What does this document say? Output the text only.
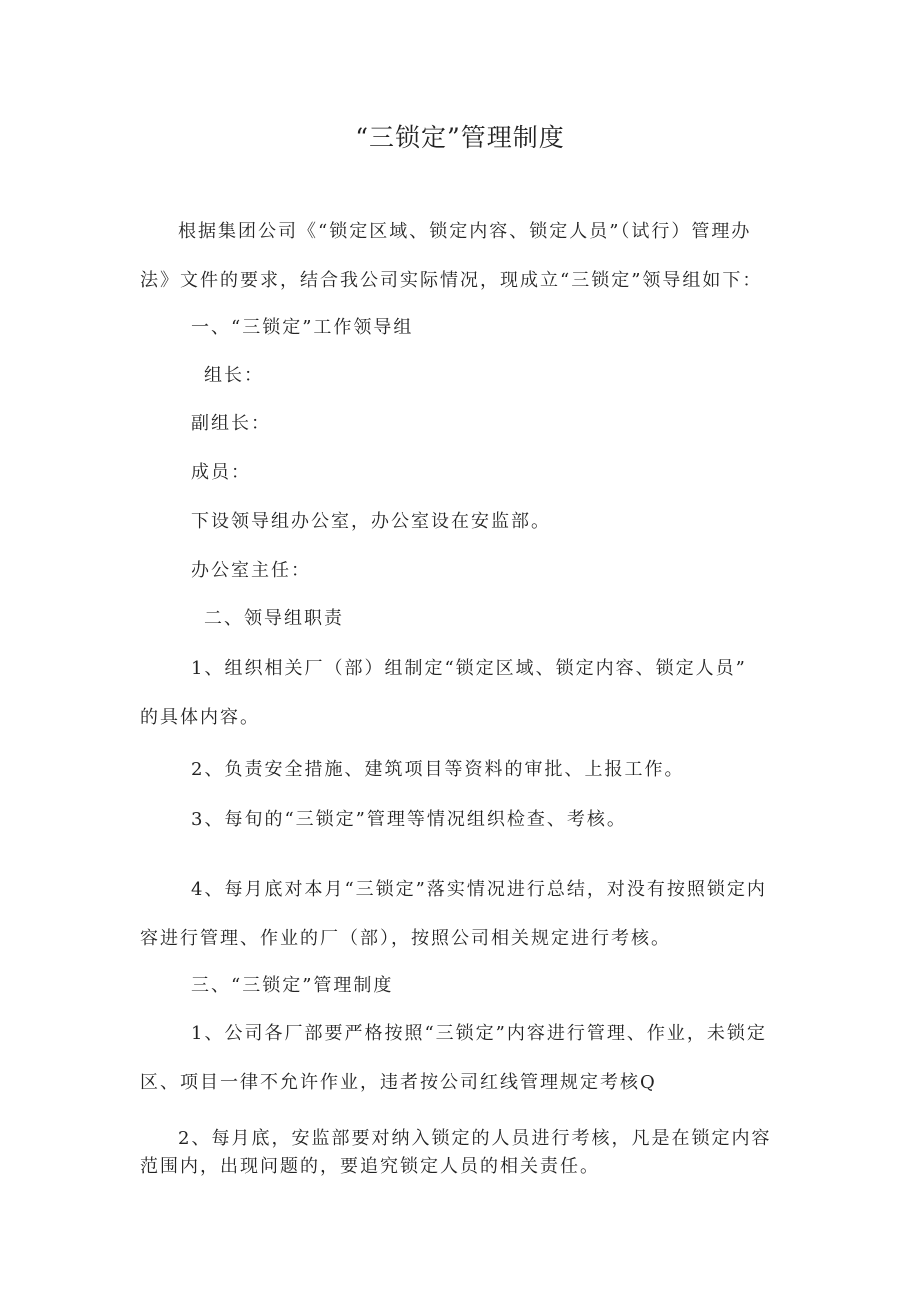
“三锁定”管理制度
根据集团公司《“锁定区域、锁定内容、锁定人员”（试行）管理办
法》文件的要求，结合我公司实际情况，现成立“三锁定”领导组如下：
一、“三锁定”工作领导组
组长：
副组长：
成员：
下设领导组办公室，办公室设在安监部。
办公室主任：
二、领导组职责
1、组织相关厂（部）组制定“锁定区域、锁定内容、锁定人员”
的具体内容。
2、负责安全措施、建筑项目等资料的审批、上报工作。
3、每旬的“三锁定”管理等情况组织检查、考核。
4、每月底对本月“三锁定”落实情况进行总结，对没有按照锁定内
容进行管理、作业的厂（部），按照公司相关规定进行考核。
三、“三锁定”管理制度
1、公司各厂部要严格按照“三锁定”内容进行管理、作业，未锁定
区、项目一律不允许作业，违者按公司红线管理规定考核Q
2、每月底，安监部要对纳入锁定的人员进行考核，凡是在锁定内容
范围内，出现问题的，要追究锁定人员的相关责任。
